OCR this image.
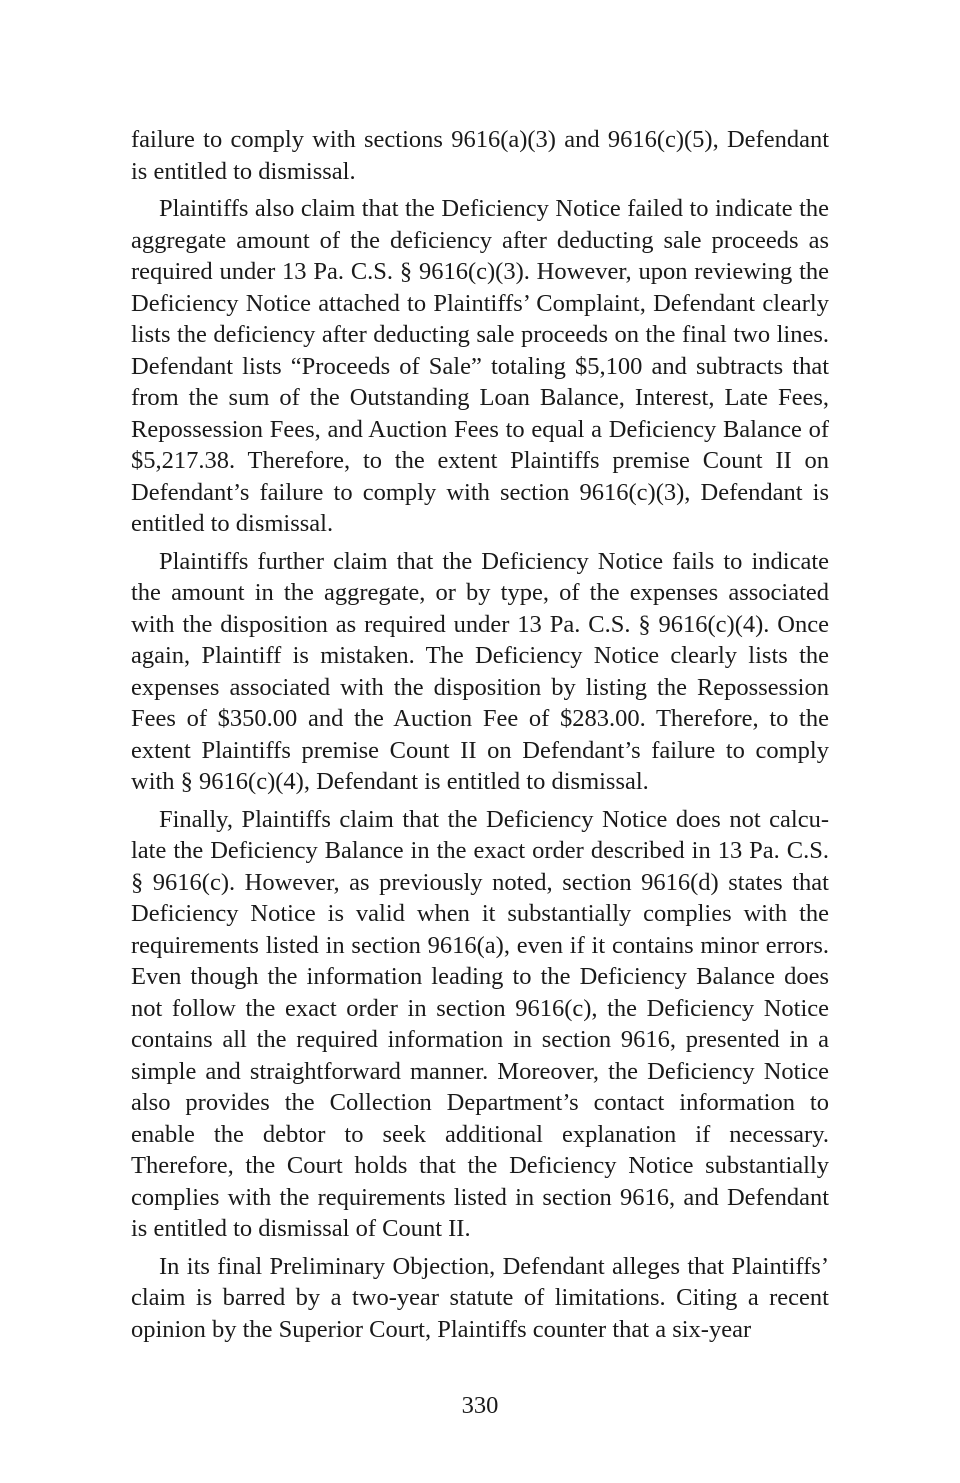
failure to comply with sections 9616(a)(3) and 9616(c)(5), Defendant is entitled to dismissal.

Plaintiffs also claim that the Deficiency Notice failed to indicate the aggregate amount of the deficiency after deducting sale proceeds as required under 13 Pa. C.S. § 9616(c)(3). However, upon reviewing the Deficiency Notice attached to Plaintiffs’ Complaint, Defendant clearly lists the deficiency after deducting sale proceeds on the final two lines. Defendant lists “Proceeds of Sale” totaling $5,100 and subtracts that from the sum of the Outstanding Loan Balance, Interest, Late Fees, Repossession Fees, and Auction Fees to equal a Deficiency Balance of $5,217.38. Therefore, to the extent Plaintiffs premise Count II on Defendant’s failure to comply with section 9616(c)(3), Defendant is entitled to dismissal.

Plaintiffs further claim that the Deficiency Notice fails to indicate the amount in the aggregate, or by type, of the expenses associated with the disposition as required under 13 Pa. C.S. § 9616(c)(4). Once again, Plaintiff is mistaken. The Deficiency Notice clearly lists the expenses associated with the disposition by listing the Repossession Fees of $350.00 and the Auction Fee of $283.00. Therefore, to the extent Plaintiffs premise Count II on Defendant’s failure to comply with § 9616(c)(4), Defendant is entitled to dismissal.

Finally, Plaintiffs claim that the Deficiency Notice does not calculate the Deficiency Balance in the exact order described in 13 Pa. C.S. § 9616(c). However, as previously noted, section 9616(d) states that Deficiency Notice is valid when it substantially complies with the requirements listed in section 9616(a), even if it contains minor errors. Even though the information leading to the Deficiency Balance does not follow the exact order in section 9616(c), the Deficiency Notice contains all the required information in section 9616, presented in a simple and straightforward manner. Moreover, the Deficiency Notice also provides the Collection Department’s contact information to enable the debtor to seek additional explanation if necessary. Therefore, the Court holds that the Deficiency Notice substantially complies with the requirements listed in section 9616, and Defendant is entitled to dismissal of Count II.

In its final Preliminary Objection, Defendant alleges that Plaintiffs’ claim is barred by a two-year statute of limitations. Citing a recent opinion by the Superior Court, Plaintiffs counter that a six-year

330
